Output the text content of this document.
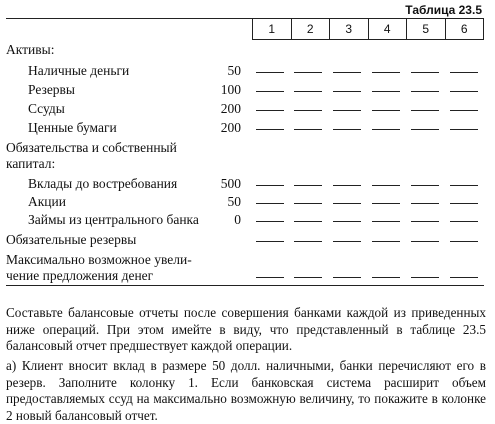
Таблица 23.5
1	2	3	4	5	6
Активы:
Наличные деньги	50
Резервы	100
Ссуды	200
Ценные бумаги	200
Обязательства и собственный
капитал:
Вклады до востребования	500
Акции	50
Займы из центрального банка	0
Обязательные резервы
Максимально возможное увели-
чение предложения денег
Составьте балансовые отчеты после совершения банками каждой из приведенных ниже операций. При этом имейте в виду, что представленный в таблице 23.5 балансовый отчет предшествует каждой операции.
а) Клиент вносит вклад в размере 50 долл. наличными, банки перечисляют его в резерв. Заполните колонку 1. Если банковская система расширит объем предоставляемых ссуд на максимально возможную величину, то покажите в колонке 2 новый балансовый отчет.
